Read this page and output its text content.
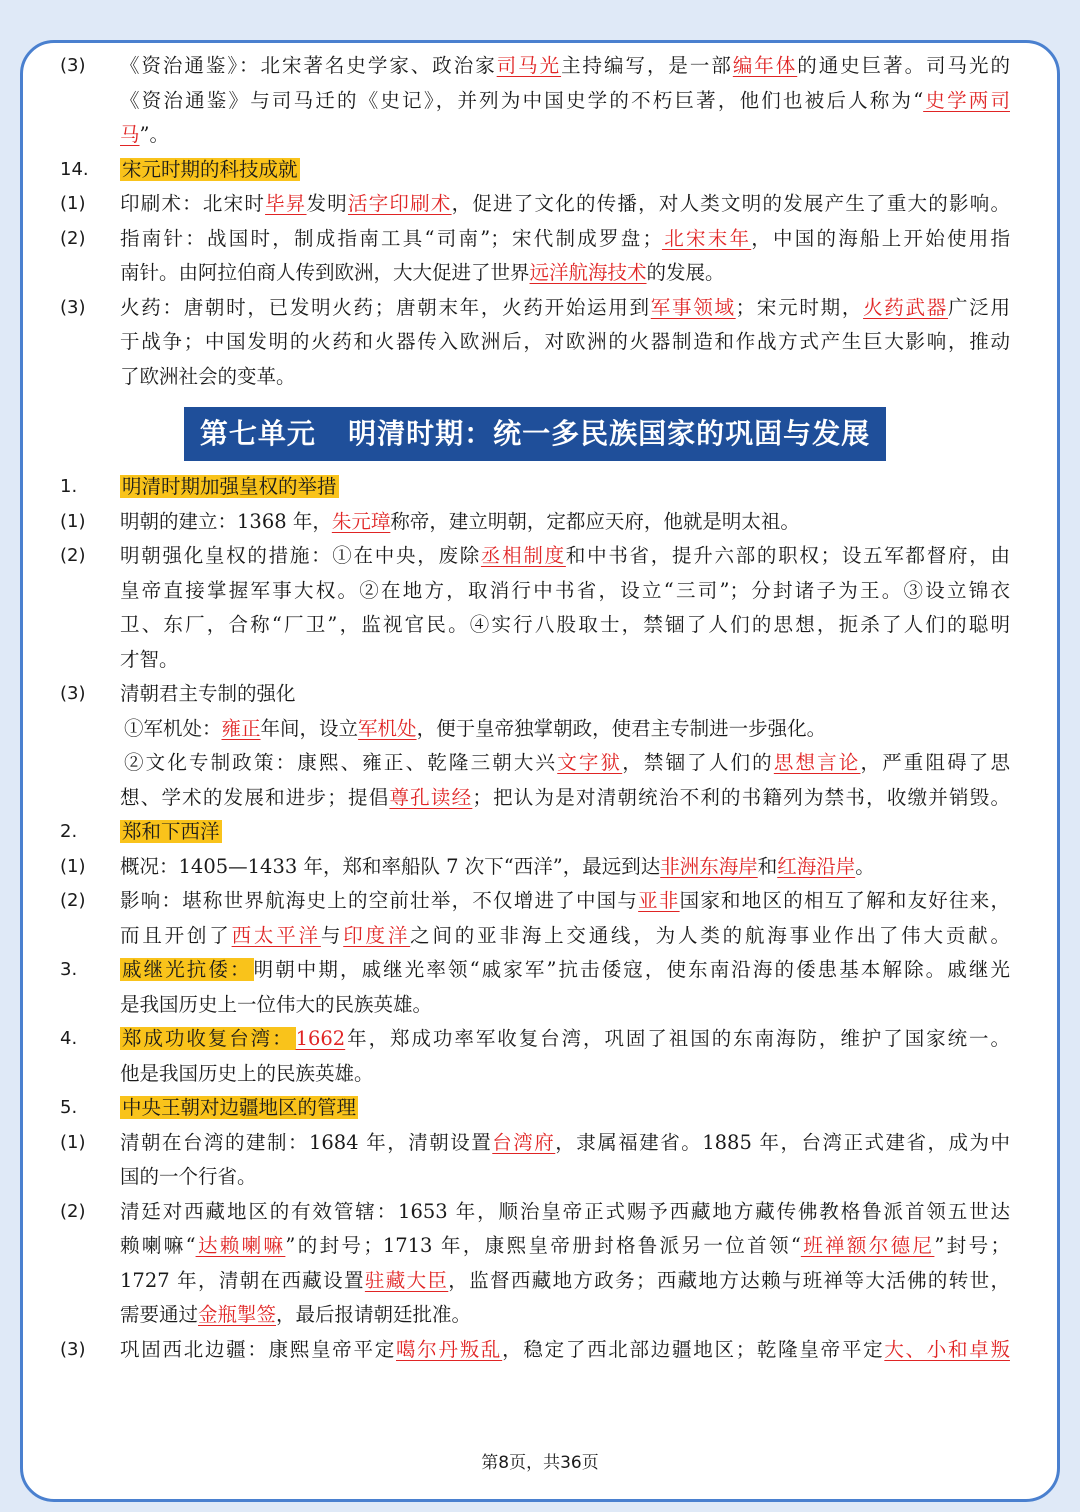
(3)	《资治通鉴》：北宋著名史学家、政治家司马光主持编写，是一部编年体的通史巨著。司马光的
《资治通鉴》与司马迁的《史记》，并列为中国史学的不朽巨著，他们也被后人称为“史学两司
马”。
14.	宋元时期的科技成就
(1)	印刷术：北宋时毕昇发明活字印刷术，促进了文化的传播，对人类文明的发展产生了重大的影响。
(2)	指南针：战国时，制成指南工具“司南”；宋代制成罗盘；北宋末年，中国的海船上开始使用指
南针。由阿拉伯商人传到欧洲，大大促进了世界远洋航海技术的发展。
(3)	火药：唐朝时，已发明火药；唐朝末年，火药开始运用到军事领域；宋元时期，火药武器广泛用
于战争；中国发明的火药和火器传入欧洲后，对欧洲的火器制造和作战方式产生巨大影响，推动
了欧洲社会的变革。
第七单元   明清时期：统一多民族国家的巩固与发展
1.	明清时期加强皇权的举措
(1)	明朝的建立：1368 年，朱元璋称帝，建立明朝，定都应天府，他就是明太祖。
(2)	明朝强化皇权的措施：①在中央，废除丞相制度和中书省，提升六部的职权；设五军都督府，由
皇帝直接掌握军事大权。②在地方，取消行中书省，设立“三司”；分封诸子为王。③设立锦衣
卫、东厂，合称“厂卫”，监视官民。④实行八股取士，禁锢了人们的思想，扼杀了人们的聪明
才智。
(3)	清朝君主专制的强化
①军机处：雍正年间，设立军机处，便于皇帝独掌朝政，使君主专制进一步强化。
②文化专制政策：康熙、雍正、乾隆三朝大兴文字狱，禁锢了人们的思想言论，严重阻碍了思
想、学术的发展和进步；提倡尊孔读经；把认为是对清朝统治不利的书籍列为禁书，收缴并销毁。
2.	郑和下西洋
(1)	概况：1405—1433 年，郑和率船队 7 次下“西洋”，最远到达非洲东海岸和红海沿岸。
(2)	影响：堪称世界航海史上的空前壮举，不仅增进了中国与亚非国家和地区的相互了解和友好往来，
而且开创了西太平洋与印度洋之间的亚非海上交通线，为人类的航海事业作出了伟大贡献。
3.	戚继光抗倭： 明朝中期，戚继光率领“戚家军”抗击倭寇，使东南沿海的倭患基本解除。戚继光
是我国历史上一位伟大的民族英雄。
4.	郑成功收复台湾： 1662年，郑成功率军收复台湾，巩固了祖国的东南海防，维护了国家统一。
他是我国历史上的民族英雄。
5.	中央王朝对边疆地区的管理
(1)	清朝在台湾的建制：1684 年，清朝设置台湾府，隶属福建省。1885 年，台湾正式建省，成为中
国的一个行省。
(2)	清廷对西藏地区的有效管辖：1653 年，顺治皇帝正式赐予西藏地方藏传佛教格鲁派首领五世达
赖喇嘛“达赖喇嘛”的封号；1713 年，康熙皇帝册封格鲁派另一位首领“班禅额尔德尼”封号；
1727 年，清朝在西藏设置驻藏大臣，监督西藏地方政务；西藏地方达赖与班禅等大活佛的转世，
需要通过金瓶掣签，最后报请朝廷批准。
(3)	巩固西北边疆：康熙皇帝平定噶尔丹叛乱，稳定了西北部边疆地区；乾隆皇帝平定大、小和卓叛
第8页，共36页
